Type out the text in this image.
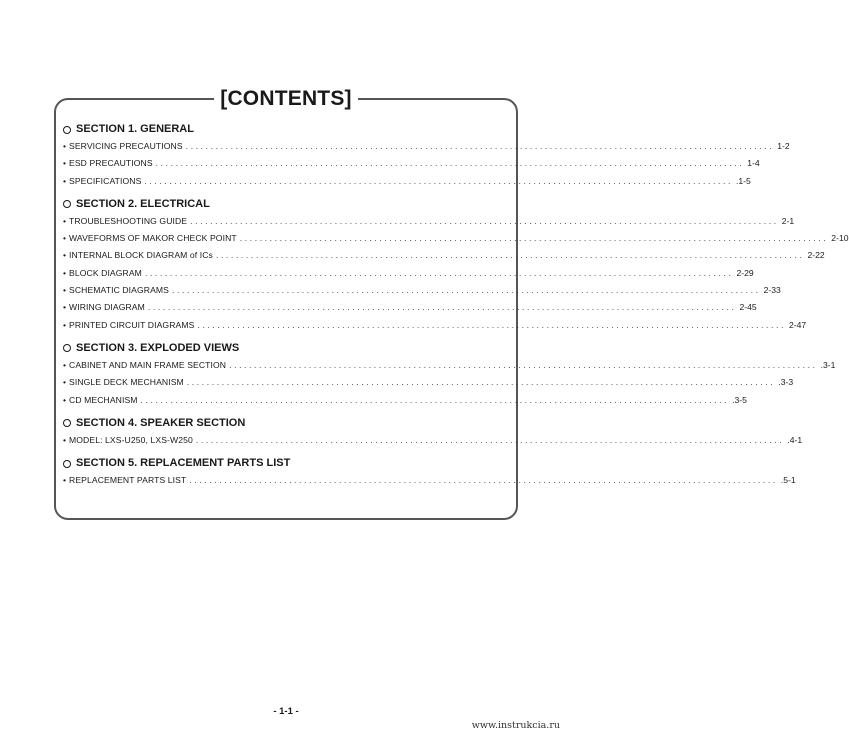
[CONTENTS]
SECTION 1. GENERAL
• SERVICING PRECAUTIONS ...................................................................................................................... 1-2
• ESD PRECAUTIONS ...................................................................................................................... 1-4
• SPECIFICATIONS ...................................................................................................................... .1-5
SECTION 2. ELECTRICAL
• TROUBLESHOOTING GUIDE ...................................................................................................................... 2-1
• WAVEFORMS OF MAKOR CHECK POINT ...................................................................................................................... 2-10
• INTERNAL BLOCK DIAGRAM of ICs ...................................................................................................................... 2-22
• BLOCK DIAGRAM ...................................................................................................................... 2-29
• SCHEMATIC DIAGRAMS ...................................................................................................................... 2-33
• WIRING DIAGRAM ...................................................................................................................... 2-45
• PRINTED CIRCUIT DIAGRAMS ...................................................................................................................... 2-47
SECTION 3. EXPLODED VIEWS
• CABINET AND MAIN FRAME SECTION ...................................................................................................................... .3-1
• SINGLE DECK MECHANISM ...................................................................................................................... .3-3
• CD MECHANISM ...................................................................................................................... .3-5
SECTION 4. SPEAKER SECTION
• MODEL: LXS-U250, LXS-W250 ...................................................................................................................... .4-1
SECTION 5. REPLACEMENT PARTS LIST
• REPLACEMENT PARTS LIST ...................................................................................................................... .5-1
- 1-1 -
www.instrukcia.ru
